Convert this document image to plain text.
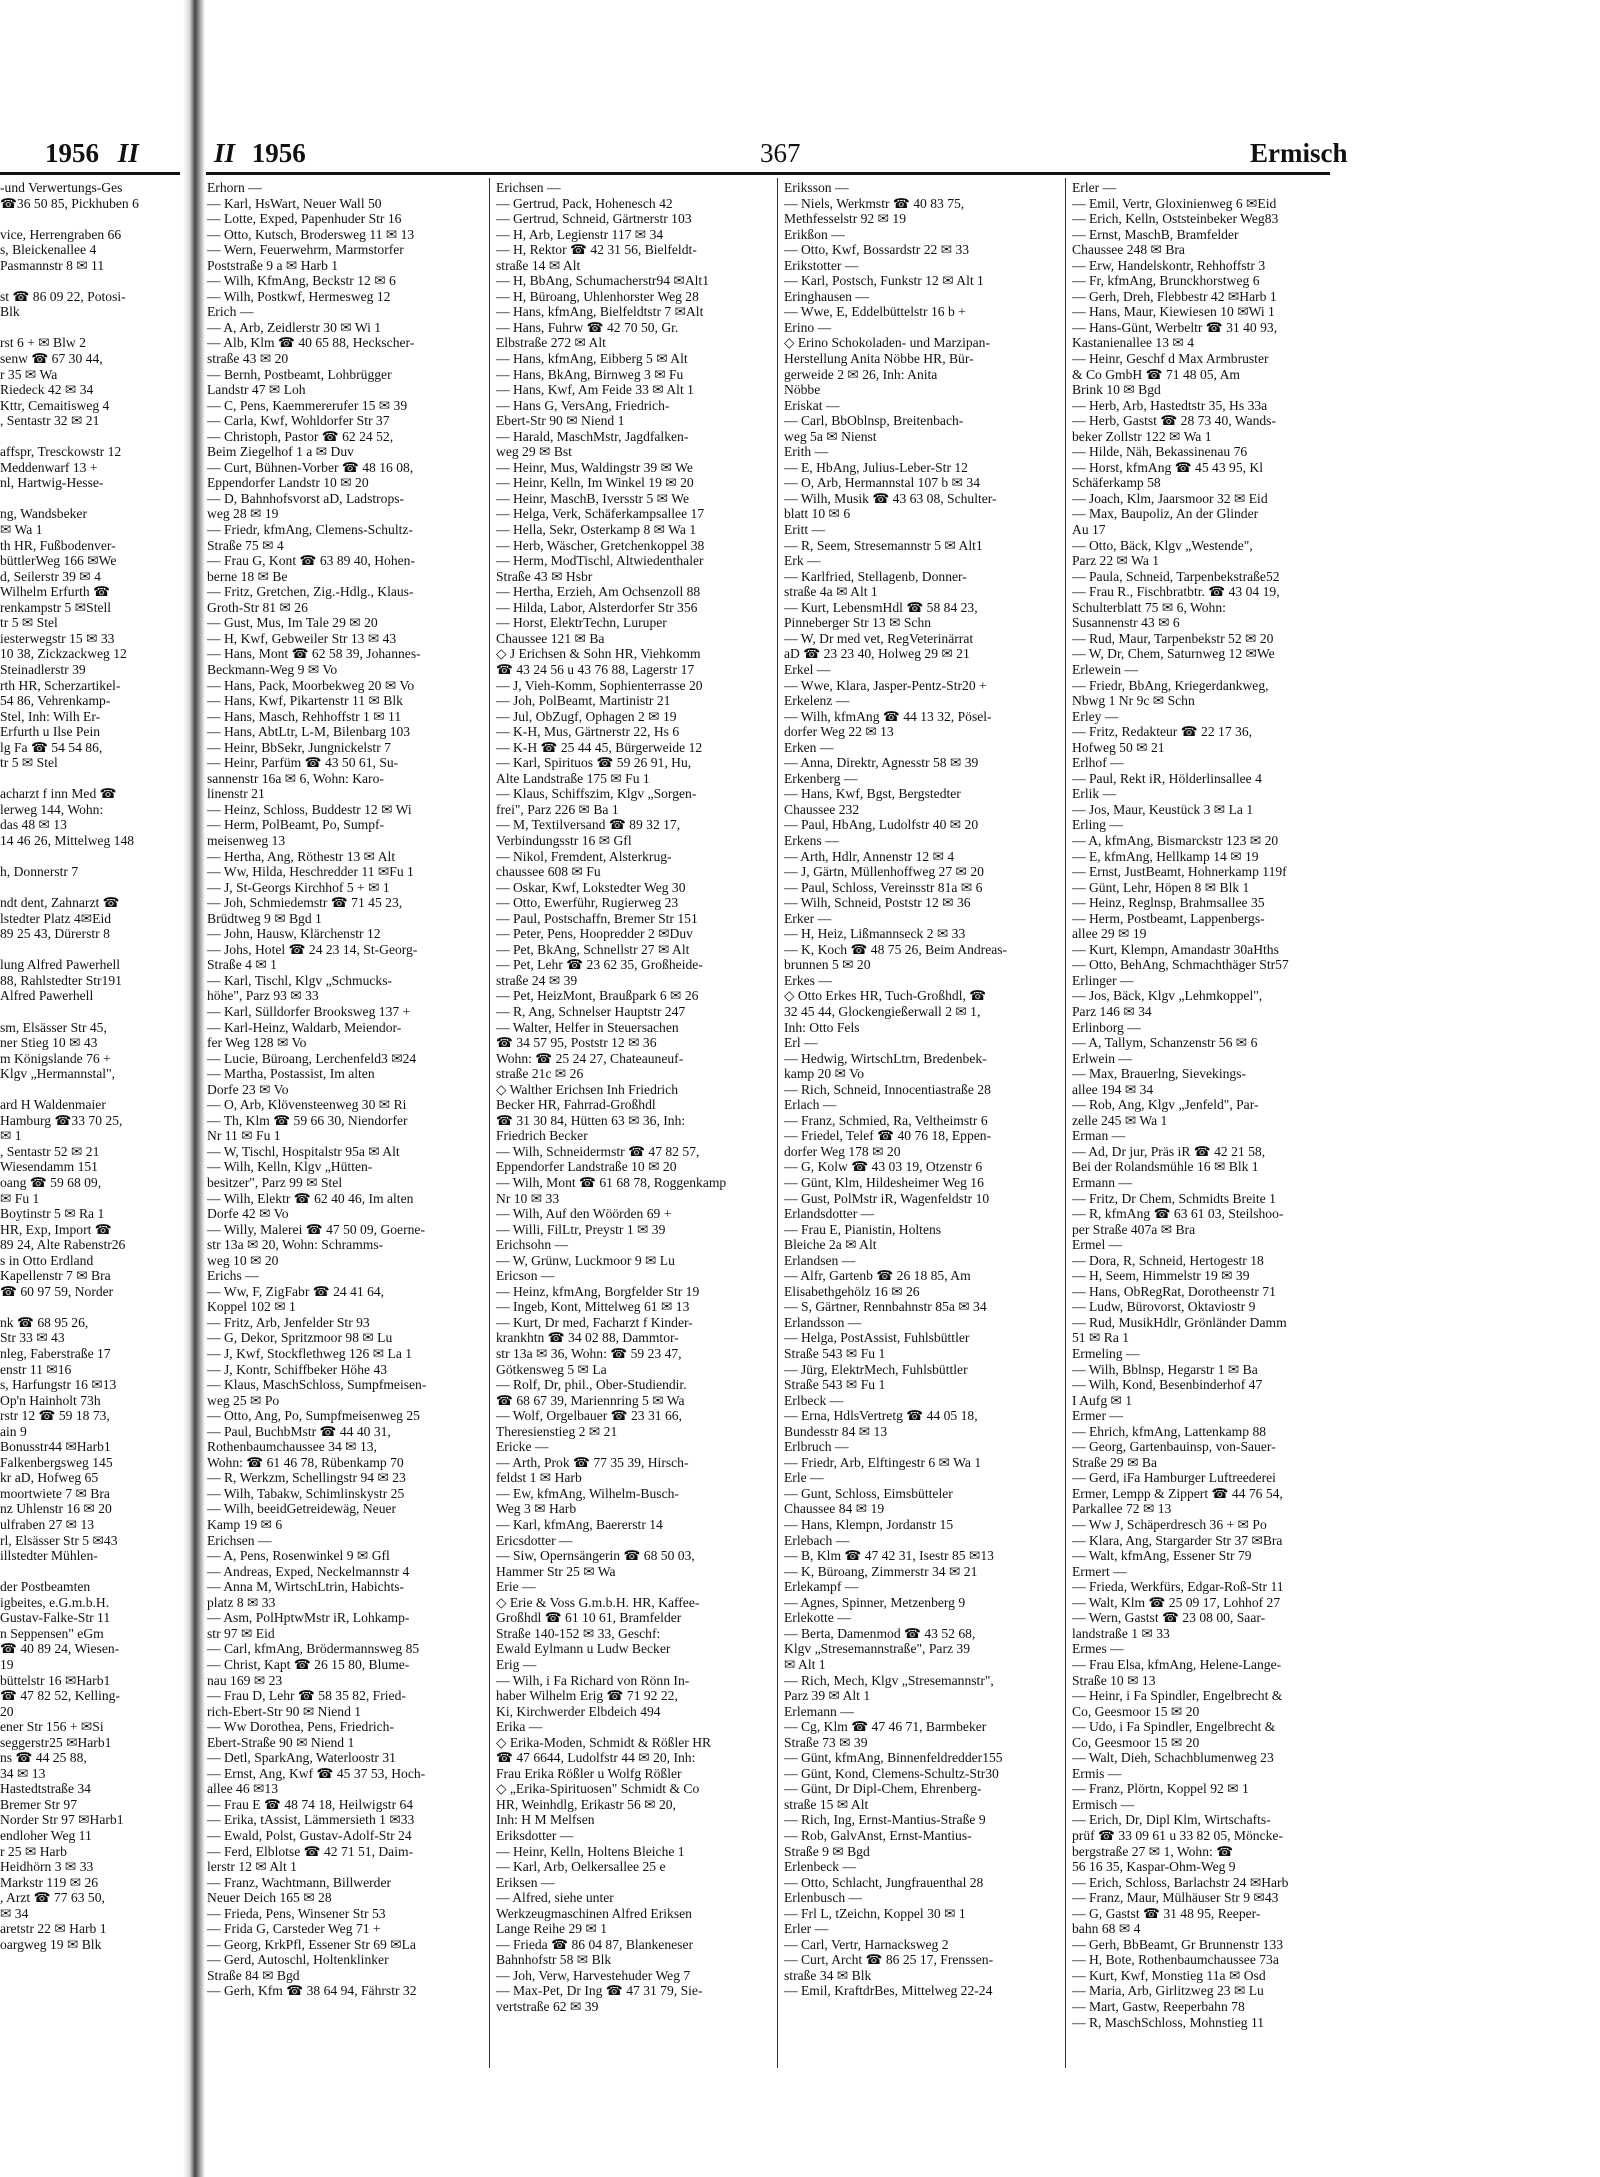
1956 II

-und Verwertungs-Ges

☎36 50 85, Pickhuben 6

vice, Herrengraben 66

s, Bleickenallee 4

Pasmannstr 8 ✉ 11

st ☎ 86 09 22, Potosi-

Blk

rst 6 + ✉ Blw 2

senw ☎ 67 30 44,

r 35 ✉ Wa

Riedeck 42 ✉ 34

Kttr, Cemaitisweg 4

, Sentastr 32 ✉ 21

affspr, Tresckowstr 12

Meddenwarf 13 +

nl, Hartwig-Hesse-

ng, Wandsbeker

✉ Wa 1

th HR, Fußbodenver-

büttlerWeg 166 ✉We

d, Seilerstr 39 ✉ 4

Wilhelm Erfurth ☎

renkampstr 5 ✉Stell

tr 5 ✉ Stel

iesterwegstr 15 ✉ 33

10 38, Zickzackweg 12

Steinadlerstr 39

rth HR, Scherzartikel-

54 86, Vehrenkamp-

Stel, Inh: Wilh Er-

Erfurth u Ilse Pein

lg Fa ☎ 54 54 86,

tr 5 ✉ Stel

acharzt f inn Med ☎

lerweg 144, Wohn:

das 48 ✉ 13

14 46 26, Mittelweg 148

h, Donnerstr 7

ndt dent, Zahnarzt ☎

lstedter Platz 4✉Eid

89 25 43, Dürerstr 8

lung Alfred Pawerhell

88, Rahlstedter Str191

Alfred Pawerhell

sm, Elsässer Str 45,

ner Stieg 10 ✉ 43

m Königslande 76 +

Klgv „Hermannstal",

ard H Waldenmaier

Hamburg ☎33 70 25,

✉ 1

, Sentastr 52 ✉ 21

Wiesendamm 151

oang ☎ 59 68 09,

✉ Fu 1

Boytinstr 5 ✉ Ra 1

HR, Exp, Import ☎

89 24, Alte Rabenstr26

s in Otto Erdland

Kapellenstr 7 ✉ Bra

☎ 60 97 59, Norder

nk ☎ 68 95 26,

Str 33 ✉ 43

nleg, Faberstraße 17

enstr 11 ✉16

s, Harfungstr 16 ✉13

Op'n Hainholt 73h

rstr 12 ☎ 59 18 73,

ain 9

Bonusstr44 ✉Harb1

Falkenbergsweg 145

kr aD, Hofweg 65

moortwiete 7 ✉ Bra

nz Uhlenstr 16 ✉ 20

ulfraben 27 ✉ 13

rl, Elsässer Str 5 ✉43

illstedter Mühlen-

der Postbeamten

igbeites, e.G.m.b.H.

Gustav-Falke-Str 11

n Seppensen" eGm

☎ 40 89 24, Wiesen-

19

büttelstr 16 ✉Harb1

☎ 47 82 52, Kelling-

20

ener Str 156 + ✉Si

seggerstr25 ✉Harb1

ns ☎ 44 25 88,

34 ✉ 13

Hastedtstraße 34

Bremer Str 97

Norder Str 97 ✉Harb1

endloher Weg 11

r 25 ✉ Harb

Heidhörn 3 ✉ 33

Markstr 119 ✉ 26

, Arzt ☎ 77 63 50,

✉ 34

aretstr 22 ✉ Harb 1

oargweg 19 ✉ Blk

II 1956	367	Ermisch

Erhorn —

— Karl, HsWart, Neuer Wall 50

— Lotte, Exped, Papenhuder Str 16

— Otto, Kutsch, Brodersweg 11 ✉ 13

— Wern, Feuerwehrm, Marmstorfer

Poststraße 9 a ✉ Harb 1

— Wilh, KfmAng, Beckstr 12 ✉ 6

— Wilh, Postkwf, Hermesweg 12

Erich —

— A, Arb, Zeidlerstr 30 ✉ Wi 1

— Alb, Klm ☎ 40 65 88, Heckscher-

straße 43 ✉ 20

— Bernh, Postbeamt, Lohbrügger

Landstr 47 ✉ Loh

— C, Pens, Kaemmererufer 15 ✉ 39

— Carla, Kwf, Wohldorfer Str 37

— Christoph, Pastor ☎ 62 24 52,

Beim Ziegelhof 1 a ✉ Duv

— Curt, Bühnen-Vorber ☎ 48 16 08,

Eppendorfer Landstr 10 ✉ 20

— D, Bahnhofsvorst aD, Ladstrops-

weg 28 ✉ 19

— Friedr, kfmAng, Clemens-Schultz-

Straße 75 ✉ 4

— Frau G, Kont ☎ 63 89 40, Hohen-

berne 18 ✉ Be

— Fritz, Gretchen, Zig.-Hdlg., Klaus-

Groth-Str 81 ✉ 26

— Gust, Mus, Im Tale 29 ✉ 20

— H, Kwf, Gebweiler Str 13 ✉ 43

— Hans, Mont ☎ 62 58 39, Johannes-

Beckmann-Weg 9 ✉ Vo

— Hans, Pack, Moorbekweg 20 ✉ Vo

— Hans, Kwf, Pikartenstr 11 ✉ Blk

— Hans, Masch, Rehhoffstr 1 ✉ 11

— Hans, AbtLtr, L-M, Bilenbarg 103

— Heinr, BbSekr, Jungnickelstr 7

— Heinr, Parfüm ☎ 43 50 61, Su-

sannenstr 16a ✉ 6, Wohn: Karo-

linenstr 21

— Heinz, Schloss, Buddestr 12 ✉ Wi

— Herm, PolBeamt, Po, Sumpf-

meisenweg 13

— Hertha, Ang, Röthestr 13 ✉ Alt

— Ww, Hilda, Heschredder 11 ✉Fu 1

— J, St-Georgs Kirchhof 5 + ✉ 1

— Joh, Schmiedemstr ☎ 71 45 23,

Brüdtweg 9 ✉ Bgd 1

— John, Hausw, Klärchenstr 12

— Johs, Hotel ☎ 24 23 14, St-Georg-

Straße 4 ✉ 1

— Karl, Tischl, Klgv „Schmucks-

höhe", Parz 93 ✉ 33

— Karl, Sülldorfer Brooksweg 137 +

— Karl-Heinz, Waldarb, Meiendor-

fer Weg 128 ✉ Vo

— Lucie, Büroang, Lerchenfeld3 ✉24

— Martha, Postassist, Im alten

Dorfe 23 ✉ Vo

— O, Arb, Klövensteenweg 30 ✉ Ri

— Th, Klm ☎ 59 66 30, Niendorfer

Nr 11 ✉ Fu 1

— W, Tischl, Hospitalstr 95a ✉ Alt

— Wilh, Kelln, Klgv „Hütten-

besitzer", Parz 99 ✉ Stel

— Wilh, Elektr ☎ 62 40 46, Im alten

Dorfe 42 ✉ Vo

— Willy, Malerei ☎ 47 50 09, Goerne-

str 13a ✉ 20, Wohn: Schramms-

weg 10 ✉ 20

Erichs —

— Ww, F, ZigFabr ☎ 24 41 64,

Koppel 102 ✉ 1

— Fritz, Arb, Jenfelder Str 93

— G, Dekor, Spritzmoor 98 ✉ Lu

— J, Kwf, Stockflethweg 126 ✉ La 1

— J, Kontr, Schiffbeker Höhe 43

— Klaus, MaschSchloss, Sumpfmeisen-

weg 25 ✉ Po

— Otto, Ang, Po, Sumpfmeisenweg 25

— Paul, BuchbMstr ☎ 44 40 31,

Rothenbaumchaussee 34 ✉ 13,

Wohn: ☎ 61 46 78, Rübenkamp 70

— R, Werkzm, Schellingstr 94 ✉ 23

— Wilh, Tabakw, Schimlinskystr 25

— Wilh, beeidGetreidewäg, Neuer

Kamp 19 ✉ 6

Erichsen —

— A, Pens, Rosenwinkel 9 ✉ Gfl

— Andreas, Exped, Neckelmannstr 4

— Anna M, WirtschLtrin, Habichts-

platz 8 ✉ 33

— Asm, PolHptwMstr iR, Lohkamp-

str 97 ✉ Eid

— Carl, kfmAng, Brödermannsweg 85

— Christ, Kapt ☎ 26 15 80, Blume-

nau 169 ✉ 23

— Frau D, Lehr ☎ 58 35 82, Fried-

rich-Ebert-Str 90 ✉ Niend 1

— Ww Dorothea, Pens, Friedrich-

Ebert-Straße 90 ✉ Niend 1

— Detl, SparkAng, Waterloostr 31

— Ernst, Ang, Kwf ☎ 45 37 53, Hoch-

allee 46 ✉13

— Frau E ☎ 48 74 18, Heilwigstr 64

— Erika, tAssist, Lämmersieth 1 ✉33

— Ewald, Polst, Gustav-Adolf-Str 24

— Ferd, Elblotse ☎ 42 71 51, Daim-

lerstr 12 ✉ Alt 1

— Franz, Wachtmann, Billwerder

Neuer Deich 165 ✉ 28

— Frieda, Pens, Winsener Str 53

— Frida G, Carsteder Weg 71 +

— Georg, KrkPfl, Essener Str 69 ✉La

— Gerd, Autoschl, Holtenklinker

Straße 84 ✉ Bgd

— Gerh, Kfm ☎ 38 64 94, Fährstr 32

Erichsen —

— Gertrud, Pack, Hohenesch 42

— Gertrud, Schneid, Gärtnerstr 103

— H, Arb, Legienstr 117 ✉ 34

— H, Rektor ☎ 42 31 56, Bielfeldt-

straße 14 ✉ Alt

— H, BbAng, Schumacherstr94 ✉Alt1

— H, Büroang, Uhlenhorster Weg 28

— Hans, kfmAng, Bielfeldtstr 7 ✉Alt

— Hans, Fuhrw ☎ 42 70 50, Gr.

Elbstraße 272 ✉ Alt

— Hans, kfmAng, Eibberg 5 ✉ Alt

— Hans, BkAng, Birnweg 3 ✉ Fu

— Hans, Kwf, Am Feide 33 ✉ Alt 1

— Hans G, VersAng, Friedrich-

Ebert-Str 90 ✉ Niend 1

— Harald, MaschMstr, Jagdfalken-

weg 29 ✉ Bst

— Heinr, Mus, Waldingstr 39 ✉ We

— Heinr, Kelln, Im Winkel 19 ✉ 20

— Heinr, MaschB, Iversstr 5 ✉ We

— Helga, Verk, Schäferkampsallee 17

— Hella, Sekr, Osterkamp 8 ✉ Wa 1

— Herb, Wäscher, Gretchenkoppel 38

— Herm, ModTischl, Altwiedenthaler

Straße 43 ✉ Hsbr

— Hertha, Erzieh, Am Ochsenzoll 88

— Hilda, Labor, Alsterdorfer Str 356

— Horst, ElektrTechn, Luruper

Chaussee 121 ✉ Ba

◇ J Erichsen & Sohn HR, Viehkomm

☎ 43 24 56 u 43 76 88, Lagerstr 17

— J, Vieh-Komm, Sophienterrasse 20

— Joh, PolBeamt, Martinistr 21

— Jul, ObZugf, Ophagen 2 ✉ 19

— K-H, Mus, Gärtnerstr 22, Hs 6

— K-H ☎ 25 44 45, Bürgerweide 12

— Karl, Spirituos ☎ 59 26 91, Hu,

Alte Landstraße 175 ✉ Fu 1

— Klaus, Schiffszim, Klgv „Sorgen-

frei", Parz 226 ✉ Ba 1

— M, Textilversand ☎ 89 32 17,

Verbindungsstr 16 ✉ Gfl

— Nikol, Fremdent, Alsterkrug-

chaussee 608 ✉ Fu

— Oskar, Kwf, Lokstedter Weg 30

— Otto, Ewerführ, Rugierweg 23

— Paul, Postschaffn, Bremer Str 151

— Peter, Pens, Hoopredder 2 ✉Duv

— Pet, BkAng, Schnellstr 27 ✉ Alt

— Pet, Lehr ☎ 23 62 35, Großheide-

straße 24 ✉ 39

— Pet, HeizMont, Braußpark 6 ✉ 26

— R, Ang, Schnelser Hauptstr 247

— Walter, Helfer in Steuersachen

☎ 34 57 95, Poststr 12 ✉ 36

Wohn: ☎ 25 24 27, Chateauneuf-

straße 21c ✉ 26

◇ Walther Erichsen Inh Friedrich

Becker HR, Fahrrad-Großhdl

☎ 31 30 84, Hütten 63 ✉ 36, Inh:

Friedrich Becker

— Wilh, Schneidermstr ☎ 47 82 57,

Eppendorfer Landstraße 10 ✉ 20

— Wilh, Mont ☎ 61 68 78, Roggenkamp

Nr 10 ✉ 33

— Wilh, Auf den Wöörden 69 +

— Willi, FilLtr, Preystr 1 ✉ 39

Erichsohn —

— W, Grünw, Luckmoor 9 ✉ Lu

Ericson —

— Heinz, kfmAng, Borgfelder Str 19

— Ingeb, Kont, Mittelweg 61 ✉ 13

— Kurt, Dr med, Facharzt f Kinder-

krankhtn ☎ 34 02 88, Dammtor-

str 13a ✉ 36, Wohn: ☎ 59 23 47,

Götkensweg 5 ✉ La

— Rolf, Dr, phil., Ober-Studiendir.

☎ 68 67 39, Mariennring 5 ✉ Wa

— Wolf, Orgelbauer ☎ 23 31 66,

Theresienstieg 2 ✉ 21

Ericke —

— Arth, Prok ☎ 77 35 39, Hirsch-

feldst 1 ✉ Harb

— Ew, kfmAng, Wilhelm-Busch-

Weg 3 ✉ Harb

— Karl, kfmAng, Baererstr 14

Ericsdotter —

— Siw, Opernsängerin ☎ 68 50 03,

Hammer Str 25 ✉ Wa

Erie —

◇ Erie & Voss G.m.b.H. HR, Kaffee-

Großhdl ☎ 61 10 61, Bramfelder

Straße 140-152 ✉ 33, Geschf:

Ewald Eylmann u Ludw Becker

Erig —

— Wilh, i Fa Richard von Rönn In-

haber Wilhelm Erig ☎ 71 92 22,

Ki, Kirchwerder Elbdeich 494

Erika —

◇ Erika-Moden, Schmidt & Rößler HR

☎ 47 6644, Ludolfstr 44 ✉ 20, Inh:

Frau Erika Rößler u Wolfg Rößler

◇ „Erika-Spirituosen" Schmidt & Co

HR, Weinhdlg, Erikastr 56 ✉ 20,

Inh: H M Melfsen

Eriksdotter —

— Heinr, Kelln, Holtens Bleiche 1

— Karl, Arb, Oelkersallee 25 e

Eriksen —

— Alfred, siehe unter

Werkzeugmaschinen Alfred Eriksen

Lange Reihe 29 ✉ 1

— Frieda ☎ 86 04 87, Blankeneser

Bahnhofstr 58 ✉ Blk

— Joh, Verw, Harvestehuder Weg 7

— Max-Pet, Dr Ing ☎ 47 31 79, Sie-

vertstraße 62 ✉ 39

Eriksson —

— Niels, Werkmstr ☎ 40 83 75,

Methfesselstr 92 ✉ 19

Erikßon —

— Otto, Kwf, Bossardstr 22 ✉ 33

Erikstotter —

— Karl, Postsch, Funkstr 12 ✉ Alt 1

Eringhausen —

— Wwe, E, Eddelbüttelstr 16 b +

Erino —

◇ Erino Schokoladen- und Marzipan-

Herstellung Anita Nöbbe HR, Bür-

gerweide 2 ✉ 26, Inh: Anita

Nöbbe

Eriskat —

— Carl, BbOblnsp, Breitenbach-

weg 5a ✉ Nienst

Erith —

— E, HbAng, Julius-Leber-Str 12

— O, Arb, Hermannstal 107 b ✉ 34

— Wilh, Musik ☎ 43 63 08, Schulter-

blatt 10 ✉ 6

Eritt —

— R, Seem, Stresemannstr 5 ✉ Alt1

Erk —

— Karlfried, Stellagenb, Donner-

straße 4a ✉ Alt 1

— Kurt, LebensmHdl ☎ 58 84 23,

Pinneberger Str 13 ✉ Schn

— W, Dr med vet, RegVeterinärrat

aD ☎ 23 23 40, Holweg 29 ✉ 21

Erkel —

— Wwe, Klara, Jasper-Pentz-Str20 +

Erkelenz —

— Wilh, kfmAng ☎ 44 13 32, Pösel-

dorfer Weg 22 ✉ 13

Erken —

— Anna, Direktr, Agnesstr 58 ✉ 39

Erkenberg —

— Hans, Kwf, Bgst, Bergstedter

Chaussee 232

— Paul, HbAng, Ludolfstr 40 ✉ 20

Erkens —

— Arth, Hdlr, Annenstr 12 ✉ 4

— J, Gärtn, Müllenhoffweg 27 ✉ 20

— Paul, Schloss, Vereinsstr 81a ✉ 6

— Wilh, Schneid, Poststr 12 ✉ 36

Erker —

— H, Heiz, Lißmannseck 2 ✉ 33

— K, Koch ☎ 48 75 26, Beim Andreas-

brunnen 5 ✉ 20

Erkes —

◇ Otto Erkes HR, Tuch-Großhdl, ☎

32 45 44, Glockengießerwall 2 ✉ 1,

Inh: Otto Fels

Erl —

— Hedwig, WirtschLtrn, Bredenbek-

kamp 20 ✉ Vo

— Rich, Schneid, Innocentiastraße 28

Erlach —

— Franz, Schmied, Ra, Veltheimstr 6

— Friedel, Telef ☎ 40 76 18, Eppen-

dorfer Weg 178 ✉ 20

— G, Kolw ☎ 43 03 19, Otzenstr 6

— Günt, Klm, Hildesheimer Weg 16

— Gust, PolMstr iR, Wagenfeldstr 10

Erlandsdotter —

— Frau E, Pianistin, Holtens

Bleiche 2a ✉ Alt

Erlandsen —

— Alfr, Gartenb ☎ 26 18 85, Am

Elisabethgehölz 16 ✉ 26

— S, Gärtner, Rennbahnstr 85a ✉ 34

Erlandsson —

— Helga, PostAssist, Fuhlsbüttler

Straße 543 ✉ Fu 1

— Jürg, ElektrMech, Fuhlsbüttler

Straße 543 ✉ Fu 1

Erlbeck —

— Erna, HdlsVertretg ☎ 44 05 18,

Bundesstr 84 ✉ 13

Erlbruch —

— Friedr, Arb, Elftingestr 6 ✉ Wa 1

Erle —

— Gunt, Schloss, Eimsbütteler

Chaussee 84 ✉ 19

— Hans, Klempn, Jordanstr 15

Erlebach —

— B, Klm ☎ 47 42 31, Isestr 85 ✉13

— K, Büroang, Zimmerstr 34 ✉ 21

Erlekampf —

— Agnes, Spinner, Metzenberg 9

Erlekotte —

— Berta, Damenmod ☎ 43 52 68,

Klgv „Stresemannstraße", Parz 39

✉ Alt 1

— Rich, Mech, Klgv „Stresemannstr",

Parz 39 ✉ Alt 1

Erlemann —

— Cg, Klm ☎ 47 46 71, Barmbeker

Straße 73 ✉ 39

— Günt, kfmAng, Binnenfeldredder155

— Günt, Kond, Clemens-Schultz-Str30

— Günt, Dr Dipl-Chem, Ehrenberg-

straße 15 ✉ Alt

— Rich, Ing, Ernst-Mantius-Straße 9

— Rob, GalvAnst, Ernst-Mantius-

Straße 9 ✉ Bgd

Erlenbeck —

— Otto, Schlacht, Jungfrauenthal 28

Erlenbusch —

— Frl L, tZeichn, Koppel 30 ✉ 1

Erler —

— Carl, Vertr, Harnacksweg 2

— Curt, Archt ☎ 86 25 17, Frenssen-

straße 34 ✉ Blk

— Emil, KraftdrBes, Mittelweg 22-24

Erler —

— Emil, Vertr, Gloxinienweg 6 ✉Eid

— Erich, Kelln, Oststeinbeker Weg83

— Ernst, MaschB, Bramfelder

Chaussee 248 ✉ Bra

— Erw, Handelskontr, Rehhoffstr 3

— Fr, kfmAng, Brunckhorstweg 6

— Gerh, Dreh, Flebbestr 42 ✉Harb 1

— Hans, Maur, Kiewiesen 10 ✉Wi 1

— Hans-Günt, Werbeltr ☎ 31 40 93,

Kastanienallee 13 ✉ 4

— Heinr, Geschf d Max Armbruster

& Co GmbH ☎ 71 48 05, Am

Brink 10 ✉ Bgd

— Herb, Arb, Hastedtstr 35, Hs 33a

— Herb, Gastst ☎ 28 73 40, Wands-

beker Zollstr 122 ✉ Wa 1

— Hilde, Näh, Bekassinenau 76

— Horst, kfmAng ☎ 45 43 95, Kl

Schäferkamp 58

— Joach, Klm, Jaarsmoor 32 ✉ Eid

— Max, Baupoliz, An der Glinder

Au 17

— Otto, Bäck, Klgv „Westende",

Parz 22 ✉ Wa 1

— Paula, Schneid, Tarpenbekstraße52

— Frau R., Fischbratbtr. ☎ 43 04 19,

Schulterblatt 75 ✉ 6, Wohn:

Susannenstr 43 ✉ 6

— Rud, Maur, Tarpenbekstr 52 ✉ 20

— W, Dr, Chem, Saturnweg 12 ✉We

Erlewein —

— Friedr, BbAng, Kriegerdankweg,

Nbwg 1 Nr 9c ✉ Schn

Erley —

— Fritz, Redakteur ☎ 22 17 36,

Hofweg 50 ✉ 21

Erlhof —

— Paul, Rekt iR, Hölderlinsallee 4

Erlik —

— Jos, Maur, Keustück 3 ✉ La 1

Erling —

— A, kfmAng, Bismarckstr 123 ✉ 20

— E, kfmAng, Hellkamp 14 ✉ 19

— Ernst, JustBeamt, Hohnerkamp 119f

— Günt, Lehr, Höpen 8 ✉ Blk 1

— Heinz, Reglnsp, Brahmsallee 35

— Herm, Postbeamt, Lappenbergs-

allee 29 ✉ 19

— Kurt, Klempn, Amandastr 30aHths

— Otto, BehAng, Schmachthäger Str57

Erlinger —

— Jos, Bäck, Klgv „Lehmkoppel",

Parz 146 ✉ 34

Erlinborg —

— A, Tallym, Schanzenstr 56 ✉ 6

Erlwein —

— Max, Brauerlng, Sievekings-

allee 194 ✉ 34

— Rob, Ang, Klgv „Jenfeld", Par-

zelle 245 ✉ Wa 1

Erman —

— Ad, Dr jur, Präs iR ☎ 42 21 58,

Bei der Rolandsmühle 16 ✉ Blk 1

Ermann —

— Fritz, Dr Chem, Schmidts Breite 1

— R, kfmAng ☎ 63 61 03, Steilshoo-

per Straße 407a ✉ Bra

Ermel —

— Dora, R, Schneid, Hertogestr 18

— H, Seem, Himmelstr 19 ✉ 39

— Hans, ObRegRat, Dorotheenstr 71

— Ludw, Bürovorst, Oktaviostr 9

— Rud, MusikHdlr, Grönländer Damm

51 ✉ Ra 1

Ermeling —

— Wilh, Bblnsp, Hegarstr 1 ✉ Ba

— Wilh, Kond, Besenbinderhof 47

I Aufg ✉ 1

Ermer —

— Ehrich, kfmAng, Lattenkamp 88

— Georg, Gartenbauinsp, von-Sauer-

Straße 29 ✉ Ba

— Gerd, iFa Hamburger Luftreederei

Ermer, Lempp & Zippert ☎ 44 76 54,

Parkallee 72 ✉ 13

— Ww J, Schäperdresch 36 + ✉ Po

— Klara, Ang, Stargarder Str 37 ✉Bra

— Walt, kfmAng, Essener Str 79

Ermert —

— Frieda, Werkfürs, Edgar-Roß-Str 11

— Walt, Klm ☎ 25 09 17, Lohhof 27

— Wern, Gastst ☎ 23 08 00, Saar-

landstraße 1 ✉ 33

Ermes —

— Frau Elsa, kfmAng, Helene-Lange-

Straße 10 ✉ 13

— Heinr, i Fa Spindler, Engelbrecht &

Co, Geesmoor 15 ✉ 20

— Udo, i Fa Spindler, Engelbrecht &

Co, Geesmoor 15 ✉ 20

— Walt, Dieh, Schachblumenweg 23

Ermis —

— Franz, Plörtn, Koppel 92 ✉ 1

Ermisch —

— Erich, Dr, Dipl Klm, Wirtschafts-

prüf ☎ 33 09 61 u 33 82 05, Möncke-

bergstraße 27 ✉ 1, Wohn: ☎

56 16 35, Kaspar-Ohm-Weg 9

— Erich, Schloss, Barlachstr 24 ✉Harb

— Franz, Maur, Mülhäuser Str 9 ✉43

— G, Gastst ☎ 31 48 95, Reeper-

bahn 68 ✉ 4

— Gerh, BbBeamt, Gr Brunnenstr 133

— H, Bote, Rothenbaumchaussee 73a

— Kurt, Kwf, Monstieg 11a ✉ Osd

— Maria, Arb, Girlitzweg 23 ✉ Lu

— Mart, Gastw, Reeperbahn 78

— R, MaschSchloss, Mohnstieg 11
